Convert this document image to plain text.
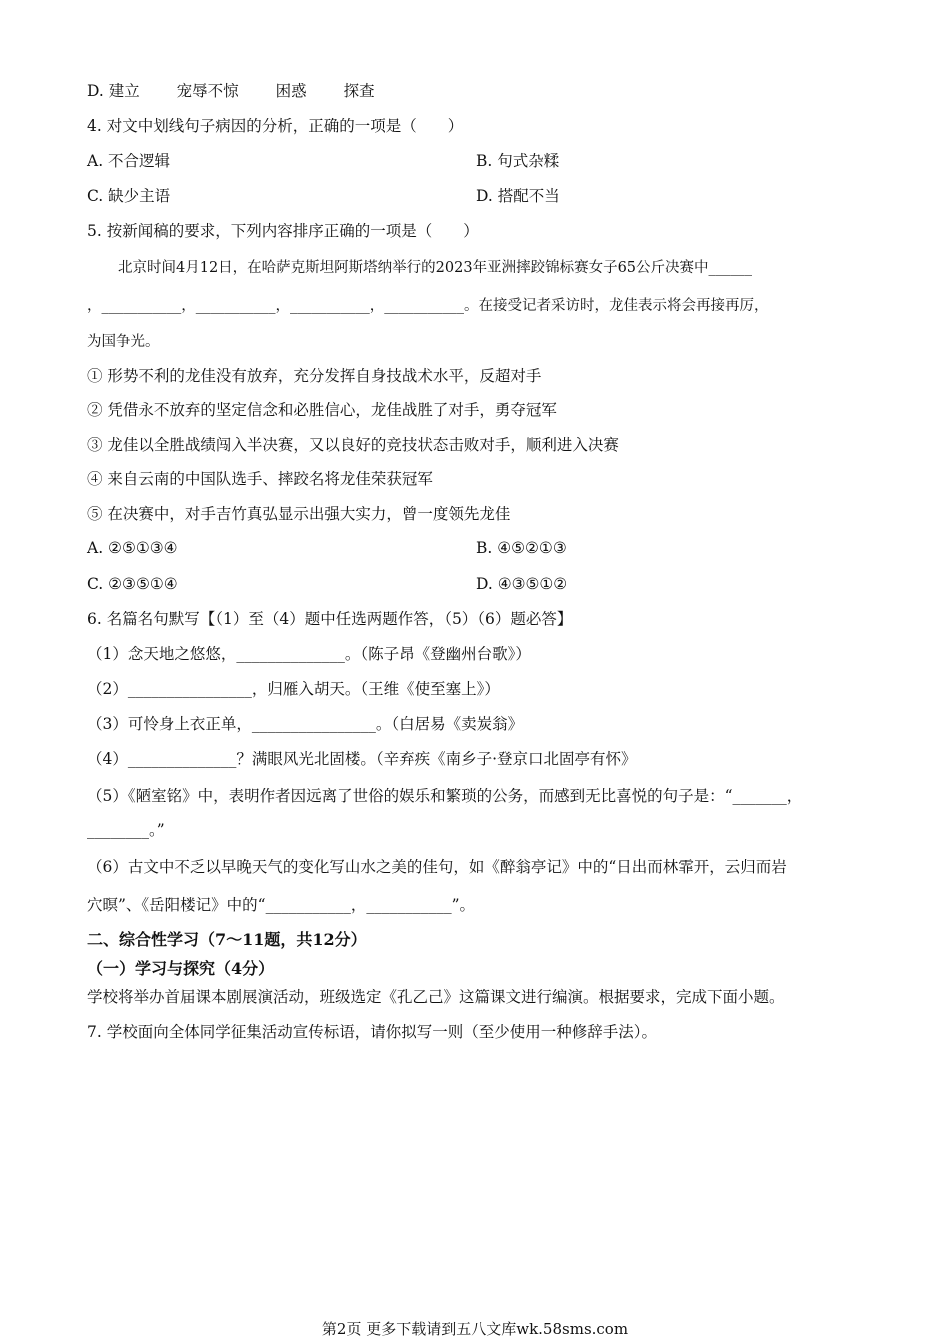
D. 建立 宠辱不惊 困惑 探查
4. 对文中划线句子病因的分析，正确的一项是（　　）
A. 不合逻辑	B. 句式杂糅
C. 缺少主语	D. 搭配不当
5. 按新闻稿的要求，下列内容排序正确的一项是（　　）
北京时间4月12日，在哈萨克斯坦阿斯塔纳举行的2023年亚洲摔跤锦标赛女子65公斤决赛中______
，___________，___________，___________，___________。在接受记者采访时，龙佳表示将会再接再厉，
为国争光。
① 形势不利的龙佳没有放弃，充分发挥自身技战术水平，反超对手
② 凭借永不放弃的坚定信念和必胜信心，龙佳战胜了对手，勇夺冠军
③ 龙佳以全胜战绩闯入半决赛，又以良好的竞技状态击败对手，顺利进入决赛
④ 来自云南的中国队选手、摔跤名将龙佳荣获冠军
⑤ 在决赛中，对手吉竹真弘显示出强大实力，曾一度领先龙佳
A. ②⑤①③④	B. ④⑤②①③
C. ②③⑤①④	D. ④③⑤①②
6. 名篇名句默写【（1）至（4）题中任选两题作答，（5）（6）题必答】
（1）念天地之悠悠，______________。（陈子昂《登幽州台歌》）
（2）________________，归雁入胡天。（王维《使至塞上》）
（3）可怜身上衣正单，________________。（白居易《卖炭翁》
（4）______________？满眼风光北固楼。（辛弃疾《南乡子·登京口北固亭有怀》
（5）《陋室铭》中，表明作者因远离了世俗的娱乐和繁琐的公务，而感到无比喜悦的句子是：“_______，
________。”
（6）古文中不乏以早晚天气的变化写山水之美的佳句，如《醉翁亭记》中的“日出而林霏开，云归而岩
穴暝”、《岳阳楼记》中的“___________，___________”。
二、综合性学习（7～11题，共12分）
（一）学习与探究（4分）
学校将举办首届课本剧展演活动，班级选定《孔乙己》这篇课文进行编演。根据要求，完成下面小题。
7. 学校面向全体同学征集活动宣传标语，请你拟写一则（至少使用一种修辞手法）。
第2页 更多下载请到五八文库wk.58sms.com
